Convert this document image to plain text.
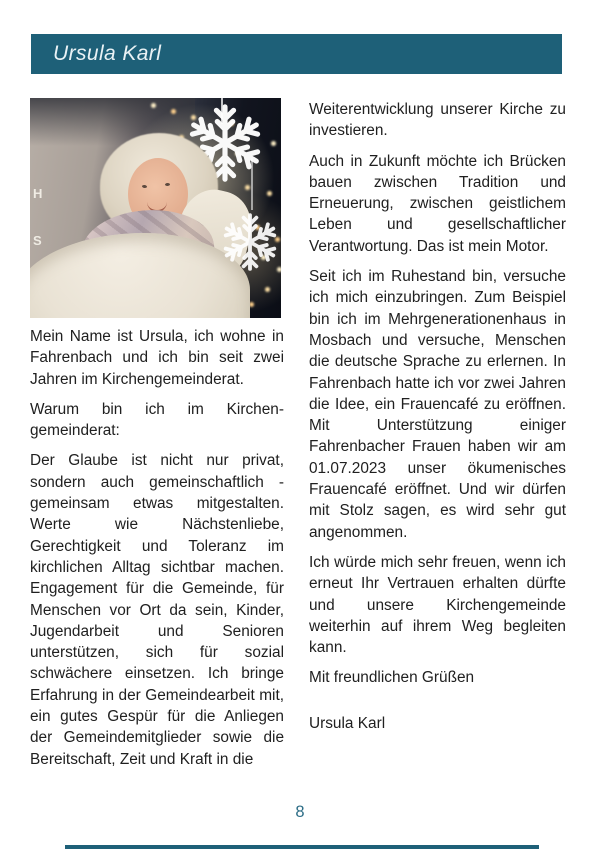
Ursula Karl
H
S

Mein Name ist Ursula, ich wohne in Fahrenbach und ich bin seit zwei Jahren im Kirchengemeinderat.

Warum bin ich im Kirchengemeinderat:

Der Glaube ist nicht nur privat, sondern auch gemeinschaftlich - gemeinsam etwas mitgestalten. Werte wie Nächstenliebe, Gerechtigkeit und Toleranz im kirchlichen Alltag sichtbar machen. Engagement für die Gemeinde, für Menschen vor Ort da sein, Kinder, Jugendarbeit und Senioren unterstützen, sich für sozial schwächere einsetzen. Ich bringe Erfahrung in der Gemeindearbeit mit, ein gutes Gespür für die Anliegen der Gemeindemitglieder sowie die Bereitschaft, Zeit und Kraft in die

Weiterentwicklung unserer Kirche zu investieren.

Auch in Zukunft möchte ich Brücken bauen zwischen Tradition und Erneuerung, zwischen geistlichem Leben und gesellschaftlicher Verantwortung. Das ist mein Motor.

Seit ich im Ruhestand bin, versuche ich mich einzubringen. Zum Beispiel bin ich im Mehrgenerationenhaus in Mosbach und versuche, Menschen die deutsche Sprache zu erlernen. In Fahrenbach hatte ich vor zwei Jahren die Idee, ein Frauencafé zu eröffnen. Mit Unterstützung einiger Fahrenbacher Frauen haben wir am 01.07.2023 unser ökumenisches Frauencafé eröffnet. Und wir dürfen mit Stolz sagen, es wird sehr gut angenommen.

Ich würde mich sehr freuen, wenn ich erneut Ihr Vertrauen erhalten dürfte und unsere Kirchengemeinde weiterhin auf ihrem Weg begleiten kann.

Mit freundlichen Grüßen

Ursula Karl

8
